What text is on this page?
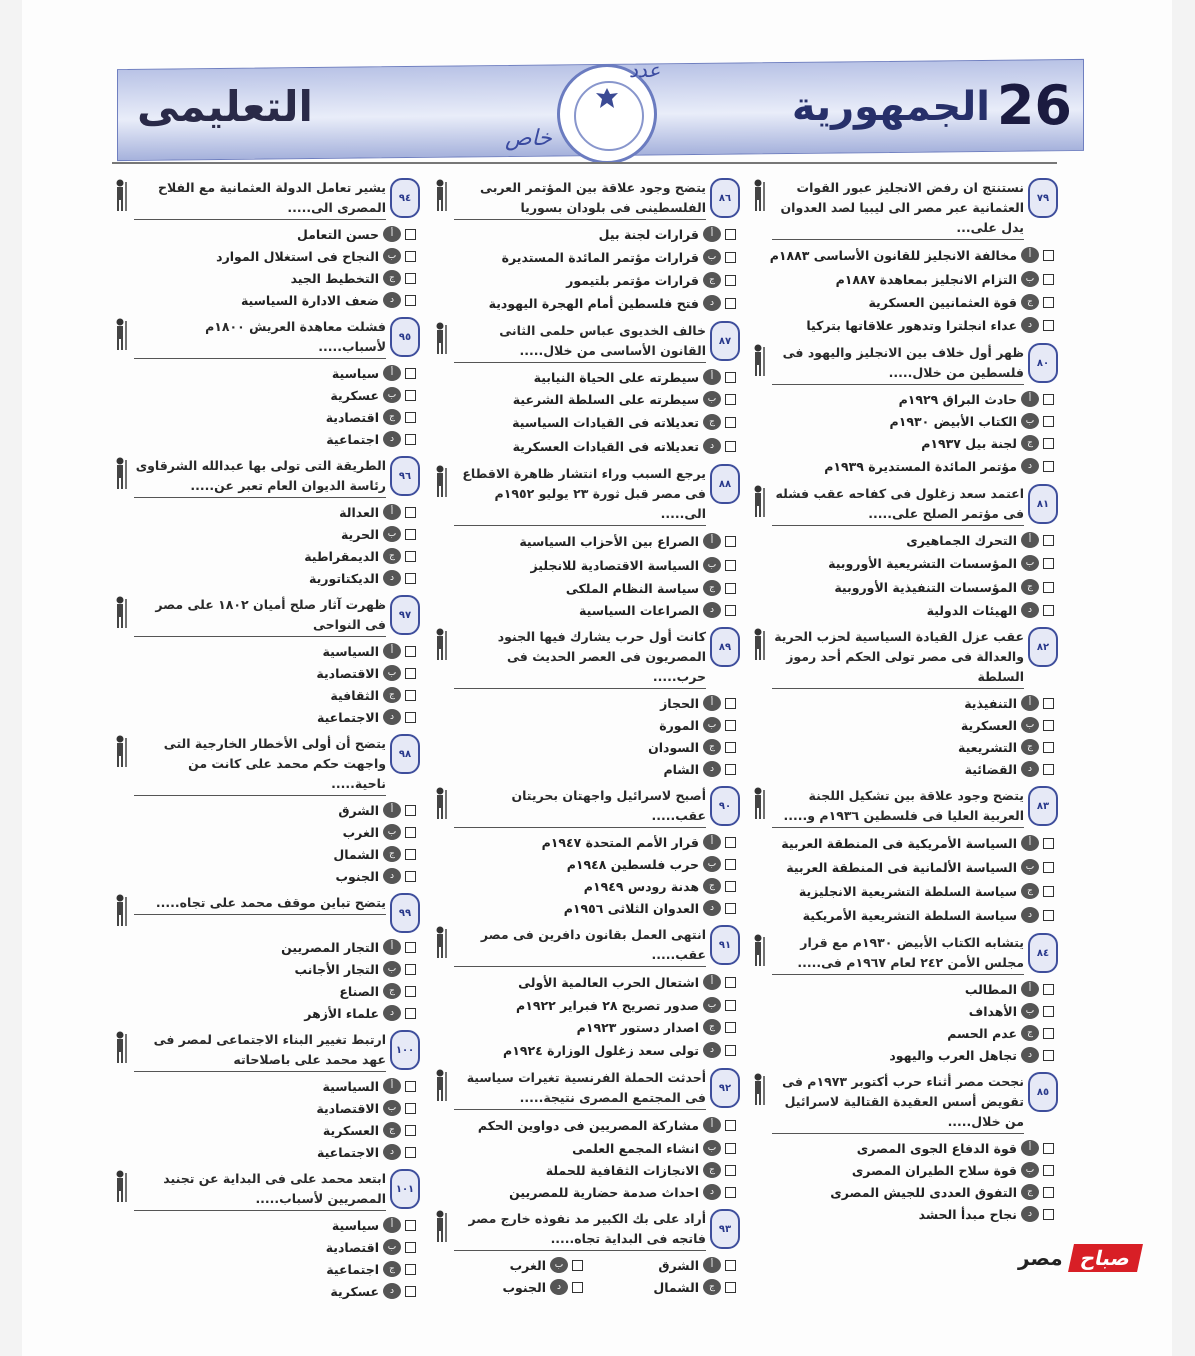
26
الجمهورية
التعليمى
عدد
خاص
٧٩
نستنتج ان رفض الانجليز عبور القوات العثمانية عبر مصر الى ليبيا لصد العدوان يدل على...
أ
مخالفة الانجليز للقانون الأساسى ١٨٨٣م
ب
التزام الانجليز بمعاهدة ١٨٨٧م
ج
قوة العثمانيين العسكرية
د
عداء انجلترا وتدهور علاقاتها بتركيا
٨٠
ظهر أول خلاف بين الانجليز واليهود فى فلسطين من خلال.....
أ
حادث البراق ١٩٢٩م
ب
الكتاب الأبيض ١٩٣٠م
ج
لجنة بيل ١٩٣٧م
د
مؤتمر المائدة المستديرة ١٩٣٩م
٨١
اعتمد سعد زغلول فى كفاحه عقب فشله فى مؤتمر الصلح على.....
أ
التحرك الجماهيرى
ب
المؤسسات التشريعية الأوروبية
ج
المؤسسات التنفيذية الأوروبية
د
الهيئات الدولية
٨٢
عقب عزل القيادة السياسية لحزب الحرية والعدالة فى مصر تولى الحكم أحد رموز السلطة
أ
التنفيذية
ب
العسكرية
ج
التشريعية
د
القضائية
٨٣
يتضح وجود علاقة بين تشكيل اللجنة العربية العليا فى فلسطين ١٩٣٦م و.....
أ
السياسة الأمريكية فى المنطقة العربية
ب
السياسة الألمانية فى المنطقة العربية
ج
سياسة السلطة التشريعية الانجليزية
د
سياسة السلطة التشريعية الأمريكية
٨٤
يتشابه الكتاب الأبيض ١٩٣٠م مع قرار مجلس الأمن ٢٤٢ لعام ١٩٦٧م فى.....
أ
المطالب
ب
الأهداف
ج
عدم الحسم
د
تجاهل العرب واليهود
٨٥
نجحت مصر أثناء حرب أكتوبر ١٩٧٣م فى تقويض أسس العقيدة القتالية لاسرائيل من خلال.....
أ
قوة الدفاع الجوى المصرى
ب
قوة سلاح الطيران المصرى
ج
التفوق العددى للجيش المصرى
د
نجاح مبدأ الحشد
٨٦
يتضح وجود علاقة بين المؤتمر العربى الفلسطينى فى بلودان بسوريا
أ
قرارات لجنة بيل
ب
قرارات مؤتمر المائدة المستديرة
ج
قرارات مؤتمر بلتيمور
د
فتح فلسطين أمام الهجرة اليهودية
٨٧
خالف الخديوى عباس حلمى الثانى القانون الأساسى من خلال.....
أ
سيطرته على الحياة النيابية
ب
سيطرته على السلطة الشرعية
ج
تعديلاته فى القيادات السياسية
د
تعديلاته فى القيادات العسكرية
٨٨
يرجع السبب وراء انتشار ظاهرة الاقطاع فى مصر قبل ثورة ٢٣ يوليو ١٩٥٢م الى.....
أ
الصراع بين الأحزاب السياسية
ب
السياسة الاقتصادية للانجليز
ج
سياسة النظام الملكى
د
الصراعات السياسية
٨٩
كانت أول حرب يشارك فيها الجنود المصريون فى العصر الحديث فى حرب.....
أ
الحجاز
ب
المورة
ج
السودان
د
الشام
٩٠
أصبح لاسرائيل واجهتان بحريتان عقب.....
أ
قرار الأمم المتحدة ١٩٤٧م
ب
حرب فلسطين ١٩٤٨م
ج
هدنة رودس ١٩٤٩م
د
العدوان الثلاثى ١٩٥٦م
٩١
انتهى العمل بقانون دافرين فى مصر عقب.....
أ
اشتعال الحرب العالمية الأولى
ب
صدور تصريح ٢٨ فبراير ١٩٢٢م
ج
اصدار دستور ١٩٢٣م
د
تولى سعد زغلول الوزارة ١٩٢٤م
٩٢
أحدثت الحملة الفرنسية تغيرات سياسية فى المجتمع المصرى نتيجة.....
أ
مشاركة المصريين فى دواوين الحكم
ب
انشاء المجمع العلمى
ج
الانجازات الثقافية للحملة
د
احداث صدمة حضارية للمصريين
٩٣
أراد على بك الكبير مد نفوذه خارج مصر فاتجه فى البداية تجاه.....
أ
الشرق
ب
الغرب
ج
الشمال
د
الجنوب
٩٤
يشير تعامل الدولة العثمانية مع الفلاح المصرى الى.....
أ
حسن التعامل
ب
النجاح فى استغلال الموارد
ج
التخطيط الجيد
د
ضعف الادارة السياسية
٩٥
فشلت معاهدة العريش ١٨٠٠م لأسباب.....
أ
سياسية
ب
عسكرية
ج
اقتصادية
د
اجتماعية
٩٦
الطريقة التى تولى بها عبدالله الشرقاوى رئاسة الديوان العام تعبر عن.....
أ
العدالة
ب
الحرية
ج
الديمقراطية
د
الديكتاتورية
٩٧
ظهرت آثار صلح أميان ١٨٠٢ على مصر فى النواحى
أ
السياسية
ب
الاقتصادية
ج
الثقافية
د
الاجتماعية
٩٨
يتضح أن أولى الأخطار الخارجية التى واجهت حكم محمد على كانت من ناحية.....
أ
الشرق
ب
الغرب
ج
الشمال
د
الجنوب
٩٩
يتضح تباين موقف محمد على تجاه.....
أ
التجار المصريين
ب
التجار الأجانب
ج
الصناع
د
علماء الأزهر
١٠٠
ارتبط تغيير البناء الاجتماعى لمصر فى عهد محمد على باصلاحاته
أ
السياسية
ب
الاقتصادية
ج
العسكرية
د
الاجتماعية
١٠١
ابتعد محمد على فى البداية عن تجنيد المصريين لأسباب.....
أ
سياسية
ب
اقتصادية
ج
اجتماعية
د
عسكرية
صباح
مصر
